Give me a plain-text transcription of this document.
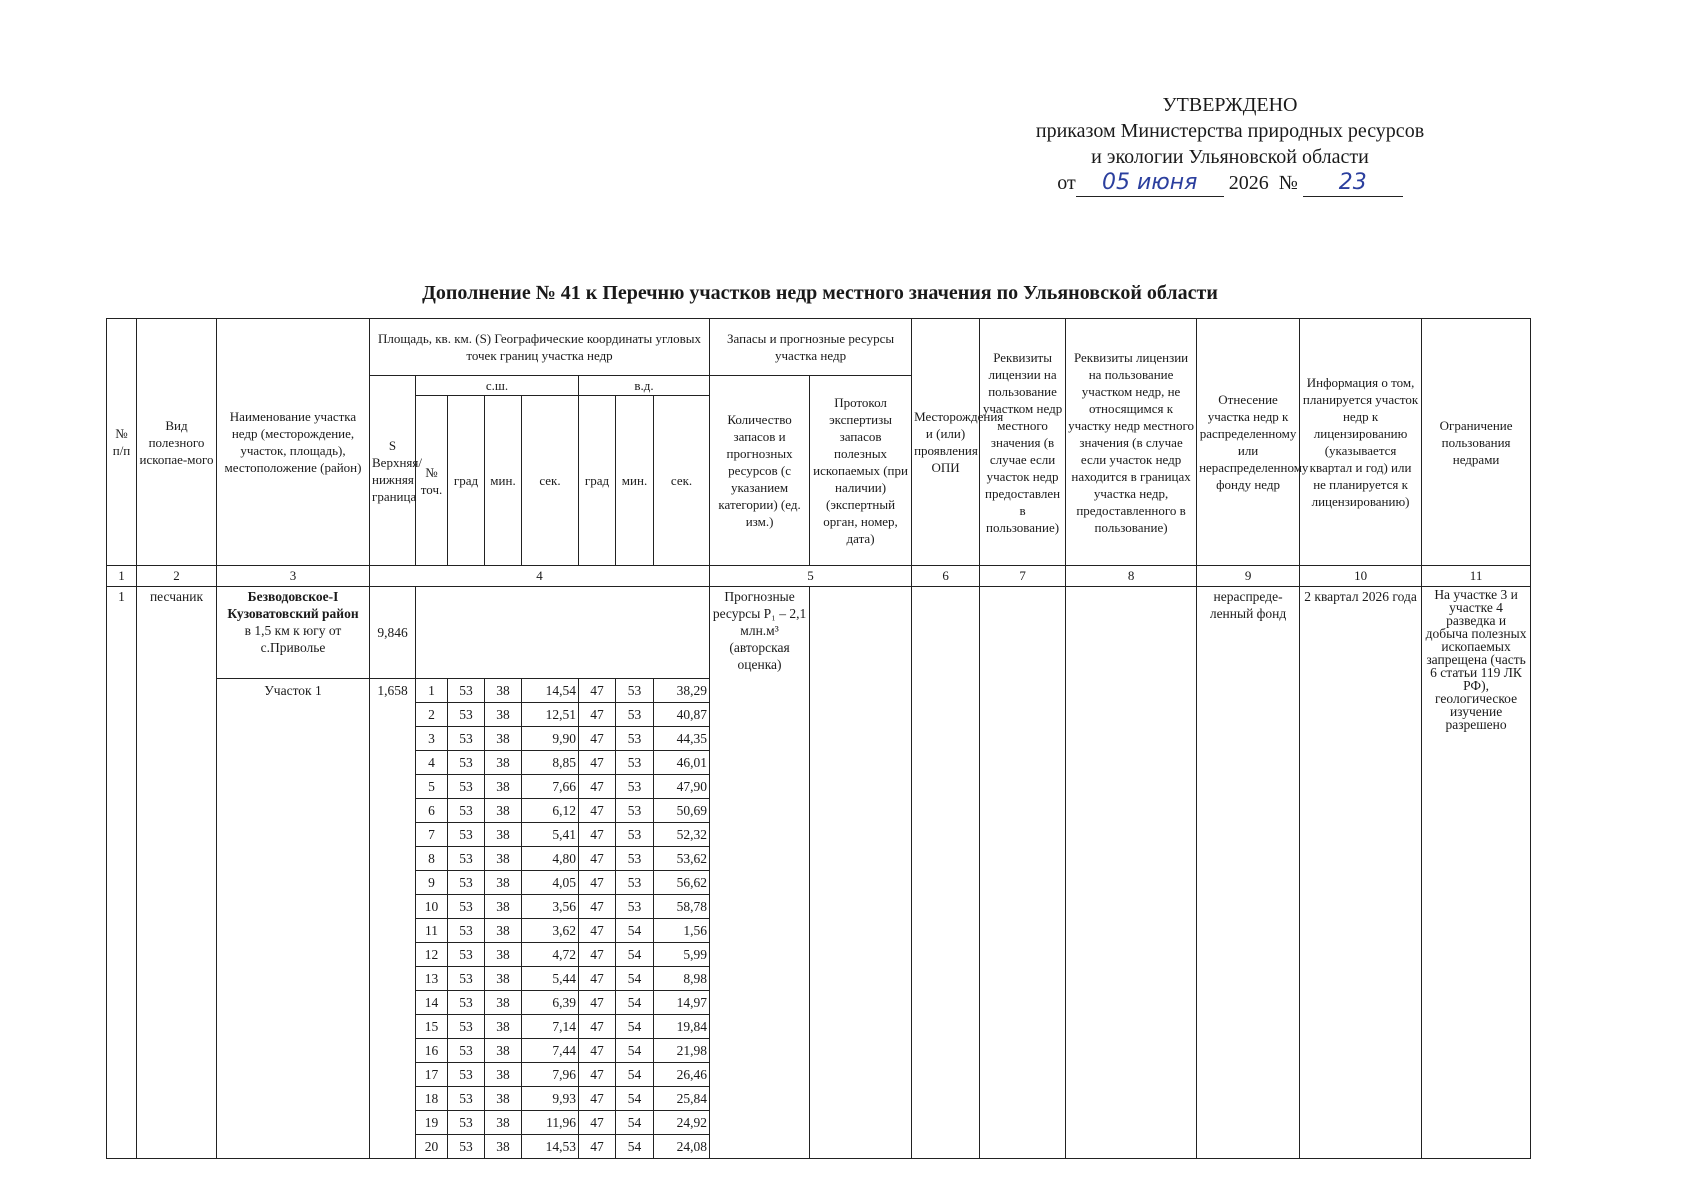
УТВЕРЖДЕНО
приказом Министерства природных ресурсов
и экологии Ульяновской области
от 05 июня 2026 № 23
Дополнение № 41 к Перечню участков недр местного значения по Ульяновской области
№ п/п	Вид полезного ископае-мого	Наименование участка недр (месторождение, участок, площадь), местоположение (район)	Площадь, кв. км. (S) Географические координаты угловых точек границ участка недр								Запасы и прогнозные ресурсы участка недр		Месторождения и (или) проявления ОПИ	Реквизиты лицензии на пользование участком недр местного значения (в случае если участок недр предоставлен в пользование)	Реквизиты лицензии на пользование участком недр, не относящимся к участку недр местного значения (в случае если участок недр находится в границах участка недр, предоставленного в пользование)	Отнесение участка недр к распределенному или нераспределенному фонду недр	Информация о том, планируется участок недр к лицензированию (указывается квартал и год) или не планируется к лицензированию)	Ограничение пользования недрами
			S Верхняя/нижняя граница	с.ш.				в.д.			Количество запасов и прогнозных ресурсов (с указанием категории) (ед. изм.)	Протокол экспертизы запасов полезных ископаемых (при наличии) (экспертный орган, номер, дата)						
				№ точ.	град	мин.	сек.	град	мин.	сек.								
1	2	3	4								5		6	7	8	9	10	11
1	песчаник	Безводовское-I Кузоватовский район
в 1,5 км к югу от с.Приволье	9,846								Прогнозные ресурсы P₁ – 2,1 млн.м³ (авторская оценка)					нераспреде-ленный фонд	2 квартал 2026 года	На участке 3 и участке 4 разведка и добыча полезных ископаемых запрещена (часть 6 статьи 119 ЛК РФ), геологическое изучение разрешено
		Участок 1	1,658	1	53	38	14,54	47	53	38,29								
				2	53	38	12,51	47	53	40,87								
				3	53	38	9,90	47	53	44,35								
				4	53	38	8,85	47	53	46,01								
				5	53	38	7,66	47	53	47,90								
				6	53	38	6,12	47	53	50,69								
				7	53	38	5,41	47	53	52,32								
				8	53	38	4,80	47	53	53,62								
				9	53	38	4,05	47	53	56,62								
				10	53	38	3,56	47	53	58,78								
				11	53	38	3,62	47	54	1,56								
				12	53	38	4,72	47	54	5,99								
				13	53	38	5,44	47	54	8,98								
				14	53	38	6,39	47	54	14,97								
				15	53	38	7,14	47	54	19,84								
				16	53	38	7,44	47	54	21,98								
				17	53	38	7,96	47	54	26,46								
				18	53	38	9,93	47	54	25,84								
				19	53	38	11,96	47	54	24,92								
				20	53	38	14,53	47	54	24,08								
